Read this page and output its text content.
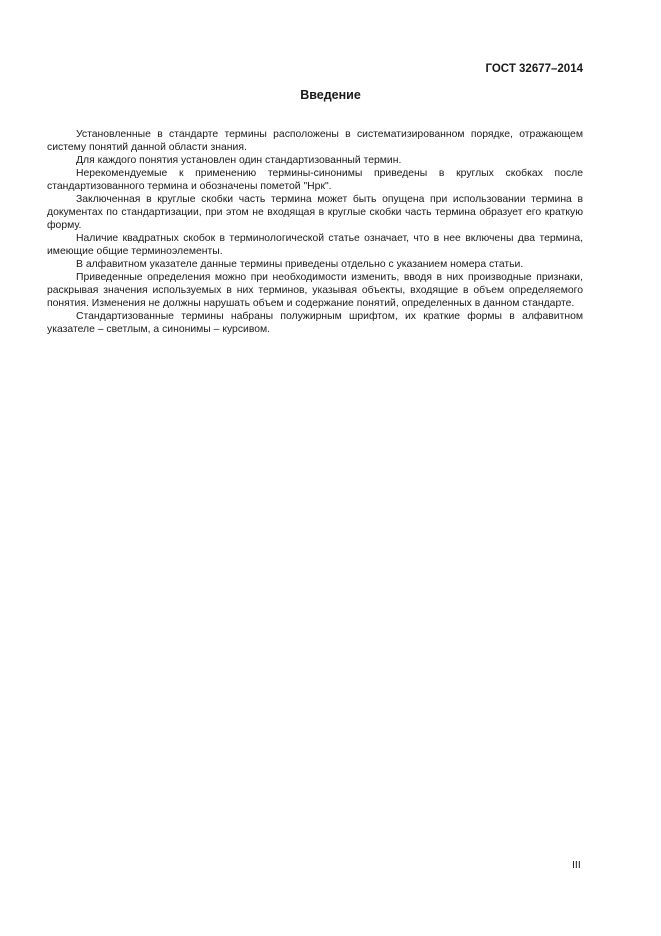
ГОСТ 32677–2014
Введение

Установленные в стандарте термины расположены в систематизированном порядке, отражающем систему понятий данной области знания.

Для каждого понятия установлен один стандартизованный термин.

Нерекомендуемые к применению термины-синонимы приведены в круглых скобках после стандартизованного термина и обозначены пометой "Нрк".

Заключенная в круглые скобки часть термина может быть опущена при использовании термина в документах по стандартизации, при этом не входящая в круглые скобки часть термина образует его краткую форму.

Наличие квадратных скобок в терминологической статье означает, что в нее включены два термина, имеющие общие терминоэлементы.

В алфавитном указателе данные термины приведены отдельно с указанием номера статьи.

Приведенные определения можно при необходимости изменить, вводя в них производные признаки, раскрывая значения используемых в них терминов, указывая объекты, входящие в объем определяемого понятия. Изменения не должны нарушать объем и содержание понятий, определенных в данном стандарте.

Стандартизованные термины набраны полужирным шрифтом, их краткие формы в алфавитном указателе – светлым, а синонимы – курсивом.

III
